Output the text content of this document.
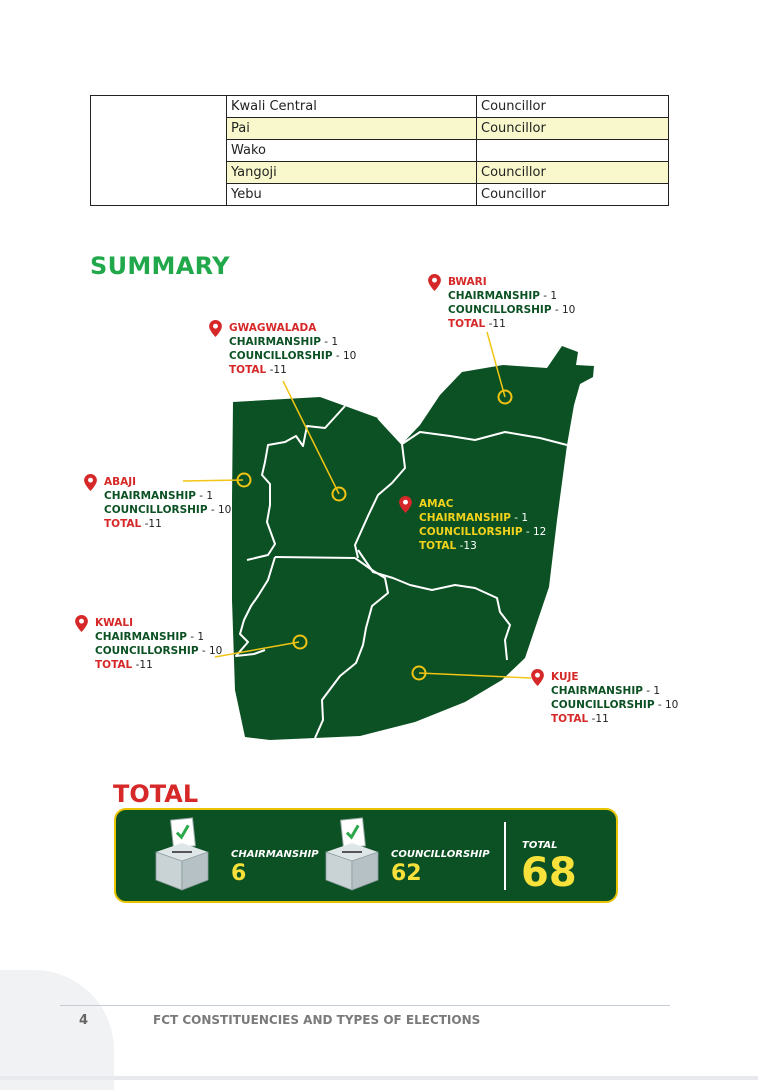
	Kwali Central	Councillor
	Pai	Councillor
	Wako	
	Yangoji	Councillor
	Yebu	Councillor
SUMMARY
BWARI
CHAIRMANSHIP - 1
COUNCILLORSHIP - 10
TOTAL -11
GWAGWALADA
CHAIRMANSHIP - 1
COUNCILLORSHIP - 10
TOTAL -11
ABAJI
CHAIRMANSHIP - 1
COUNCILLORSHIP - 10
TOTAL -11
AMAC
CHAIRMANSHIP - 1
COUNCILLORSHIP - 12
TOTAL -13
KWALI
CHAIRMANSHIP - 1
COUNCILLORSHIP - 10
TOTAL -11
KUJE
CHAIRMANSHIP - 1
COUNCILLORSHIP - 10
TOTAL -11
TOTAL
CHAIRMANSHIP
6
COUNCILLORSHIP
62
TOTAL
68
4	FCT CONSTITUENCIES AND TYPES OF ELECTIONS
